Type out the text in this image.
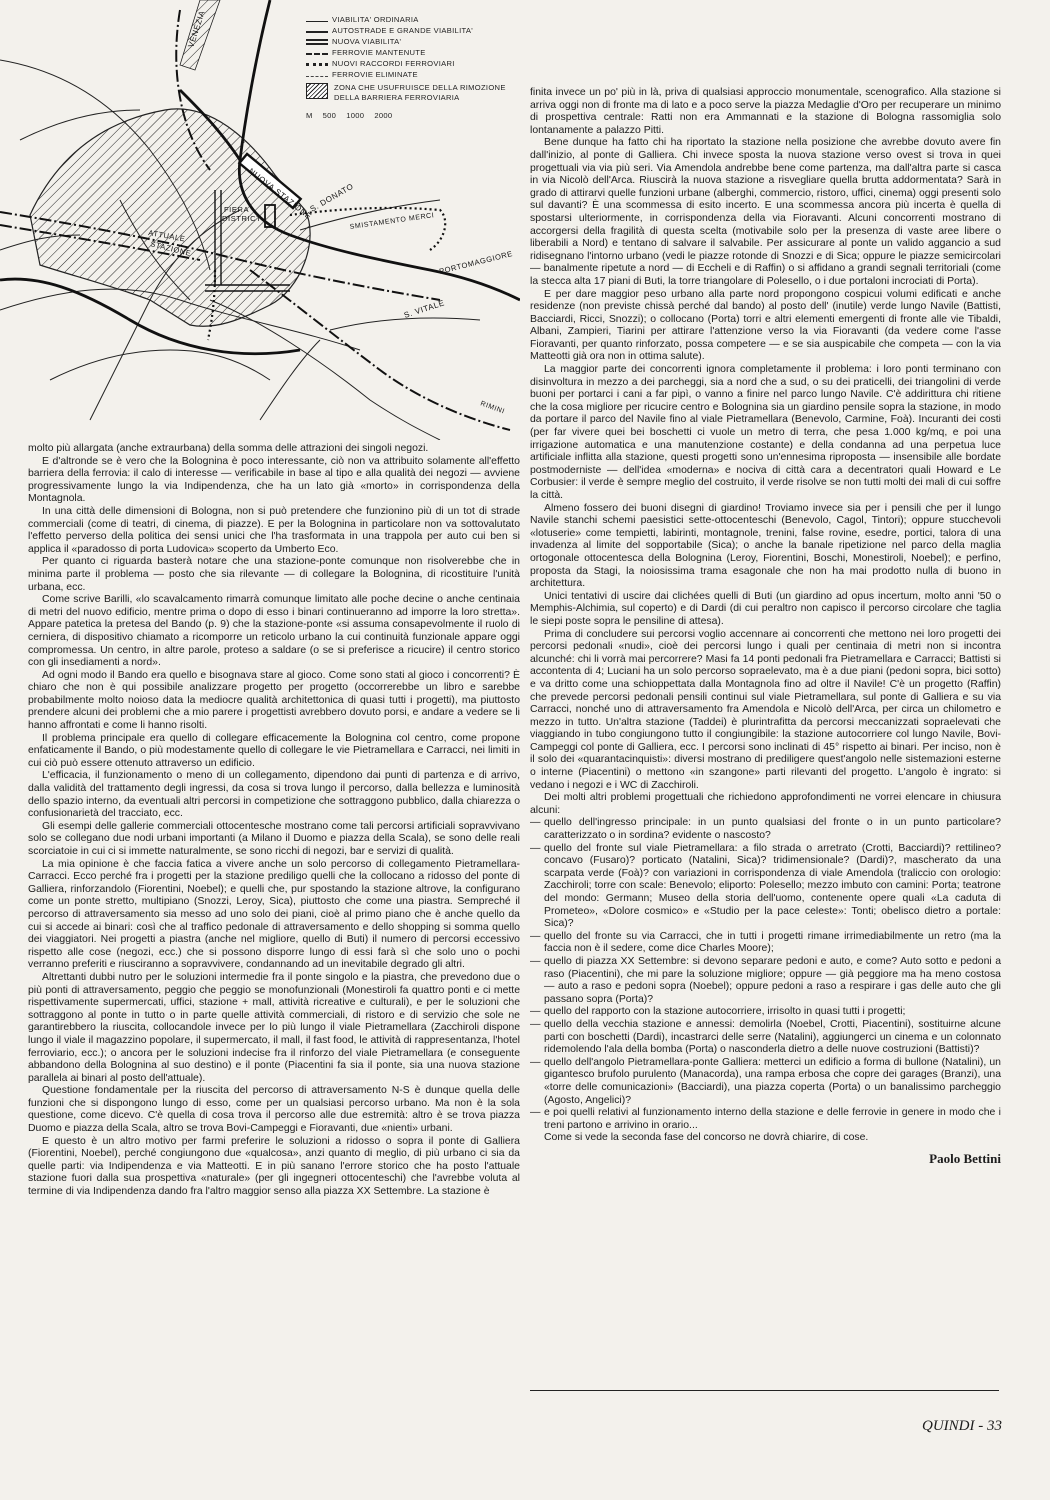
VENEZIA
NUOVA STAZIONE
S. DONATO
FIERA
DISTRICT	SMISTAMENTO MERCI
ATTUALE
STAZIONE
PORTOMAGGIORE
S. VITALE
RIMINI
VIABILITA' ORDINARIA
AUTOSTRADE E GRANDE VIABILITA'
NUOVA VIABILITA'
FERROVIE MANTENUTE
NUOVI RACCORDI FERROVIARI
FERROVIE ELIMINATE
ZONA CHE USUFRUISCE DELLA RIMOZIONE DELLA BARRIERA FERROVIARIA
M 500 1000 2000

molto più allargata (anche extraurbana) della somma delle attrazioni dei singoli negozi.

E d'altronde se è vero che la Bolognina è poco interessante, ciò non va attribuito solamente all'effetto barriera della ferrovia: il calo di interesse — verificabile in base al tipo e alla qualità dei negozi — avviene progressivamente lungo la via Indipendenza, che ha un lato già «morto» in corrispondenza della Montagnola.

In una città delle dimensioni di Bologna, non si può pretendere che funzionino più di un tot di strade commerciali (come di teatri, di cinema, di piazze). E per la Bolognina in particolare non va sottovalutato l'effetto perverso della politica dei sensi unici che l'ha trasformata in una trappola per auto cui ben si applica il «paradosso di porta Ludovica» scoperto da Umberto Eco.

Per quanto ci riguarda basterà notare che una stazione-ponte comunque non risolverebbe che in minima parte il problema — posto che sia rilevante — di collegare la Bolognina, di ricostituire l'unità urbana, ecc.

Come scrive Barilli, «lo scavalcamento rimarrà comunque limitato alle poche decine o anche centinaia di metri del nuovo edificio, mentre prima o dopo di esso i binari continueranno ad imporre la loro stretta». Appare patetica la pretesa del Bando (p. 9) che la stazione-ponte «si assuma consapevolmente il ruolo di cerniera, di dispositivo chiamato a ricomporre un reticolo urbano la cui continuità funzionale appare oggi compromessa. Un centro, in altre parole, proteso a saldare (o se si preferisce a ricucire) il centro storico con gli insediamenti a nord».

Ad ogni modo il Bando era quello e bisognava stare al gioco. Come sono stati al gioco i concorrenti? È chiaro che non è qui possibile analizzare progetto per progetto (occorrerebbe un libro e sarebbe probabilmente molto noioso data la mediocre qualità architettonica di quasi tutti i progetti), ma piuttosto prendere alcuni dei problemi che a mio parere i progettisti avrebbero dovuto porsi, e andare a vedere se li hanno affrontati e come li hanno risolti.

Il problema principale era quello di collegare efficacemente la Bolognina col centro, come propone enfaticamente il Bando, o più modestamente quello di collegare le vie Pietramellara e Carracci, nei limiti in cui ciò può essere ottenuto attraverso un edificio.

L'efficacia, il funzionamento o meno di un collegamento, dipendono dai punti di partenza e di arrivo, dalla validità del trattamento degli ingressi, da cosa si trova lungo il percorso, dalla bellezza e luminosità dello spazio interno, da eventuali altri percorsi in competizione che sottraggono pubblico, dalla chiarezza o confusionarietà del tracciato, ecc.

Gli esempi delle gallerie commerciali ottocentesche mostrano come tali percorsi artificiali sopravvivano solo se collegano due nodi urbani importanti (a Milano il Duomo e piazza della Scala), se sono delle reali scorciatoie in cui ci si immette naturalmente, se sono ricchi di negozi, bar e servizi di qualità.

La mia opinione è che faccia fatica a vivere anche un solo percorso di collegamento Pietramellara-Carracci. Ecco perché fra i progetti per la stazione prediligo quelli che la collocano a ridosso del ponte di Galliera, rinforzandolo (Fiorentini, Noebel); e quelli che, pur spostando la stazione altrove, la configurano come un ponte stretto, multipiano (Snozzi, Leroy, Sica), piuttosto che come una piastra. Sempreché il percorso di attraversamento sia messo ad uno solo dei piani, cioè al primo piano che è anche quello da cui si accede ai binari: così che al traffico pedonale di attraversamento e dello shopping si somma quello dei viaggiatori. Nei progetti a piastra (anche nel migliore, quello di Buti) il numero di percorsi eccessivo rispetto alle cose (negozi, ecc.) che si possono disporre lungo di essi farà sì che solo uno o pochi verranno preferiti e riusciranno a sopravvivere, condannando ad un inevitabile degrado gli altri.

Altrettanti dubbi nutro per le soluzioni intermedie fra il ponte singolo e la piastra, che prevedono due o più ponti di attraversamento, peggio che peggio se monofunzionali (Monestiroli fa quattro ponti e ci mette rispettivamente supermercati, uffici, stazione + mall, attività ricreative e culturali), e per le soluzioni che sottraggono al ponte in tutto o in parte quelle attività commerciali, di ristoro e di servizio che sole ne garantirebbero la riuscita, collocandole invece per lo più lungo il viale Pietramellara (Zacchiroli dispone lungo il viale il magazzino popolare, il supermercato, il mall, il fast food, le attività di rappresentanza, l'hotel ferroviario, ecc.); o ancora per le soluzioni indecise fra il rinforzo del viale Pietramellara (e conseguente abbandono della Bolognina al suo destino) e il ponte (Piacentini fa sia il ponte, sia una nuova stazione parallela ai binari al posto dell'attuale).

Questione fondamentale per la riuscita del percorso di attraversamento N-S è dunque quella delle funzioni che si dispongono lungo di esso, come per un qualsiasi percorso urbano. Ma non è la sola questione, come dicevo. C'è quella di cosa trova il percorso alle due estremità: altro è se trova piazza Duomo e piazza della Scala, altro se trova Bovi-Campeggi e Fioravanti, due «nienti» urbani.

E questo è un altro motivo per farmi preferire le soluzioni a ridosso o sopra il ponte di Galliera (Fiorentini, Noebel), perché congiungono due «qualcosa», anzi quanto di meglio, di più urbano ci sia da quelle parti: via Indipendenza e via Matteotti. E in più sanano l'errore storico che ha posto l'attuale stazione fuori dalla sua prospettiva «naturale» (per gli ingegneri ottocenteschi) che l'avrebbe voluta al termine di via Indipendenza dando fra l'altro maggior senso alla piazza XX Settembre. La stazione è

finita invece un po' più in là, priva di qualsiasi approccio monumentale, scenografico. Alla stazione si arriva oggi non di fronte ma di lato e a poco serve la piazza Medaglie d'Oro per recuperare un minimo di prospettiva centrale: Ratti non era Ammannati e la stazione di Bologna rassomiglia solo lontanamente a palazzo Pitti.

Bene dunque ha fatto chi ha riportato la stazione nella posizione che avrebbe dovuto avere fin dall'inizio, al ponte di Galliera. Chi invece sposta la nuova stazione verso ovest si trova in quei progettuali via via più seri. Via Amendola andrebbe bene come partenza, ma dall'altra parte si casca in via Nicolò dell'Arca. Riuscirà la nuova stazione a risvegliare quella brutta addormentata? Sarà in grado di attirarvi quelle funzioni urbane (alberghi, commercio, ristoro, uffici, cinema) oggi presenti solo sul davanti? È una scommessa di esito incerto. E una scommessa ancora più incerta è quella di spostarsi ulteriormente, in corrispondenza della via Fioravanti. Alcuni concorrenti mostrano di accorgersi della fragilità di questa scelta (motivabile solo per la presenza di vaste aree libere o liberabili a Nord) e tentano di salvare il salvabile. Per assicurare al ponte un valido aggancio a sud ridisegnano l'intorno urbano (vedi le piazze rotonde di Snozzi e di Sica; oppure le piazze semicircolari — banalmente ripetute a nord — di Eccheli e di Raffin) o si affidano a grandi segnali territoriali (come la stecca alta 17 piani di Buti, la torre triangolare di Polesello, o i due portaloni incrociati di Porta).

E per dare maggior peso urbano alla parte nord propongono cospicui volumi edificati e anche residenze (non previste chissà perché dal bando) al posto dell' (inutile) verde lungo Navile (Battisti, Bacciardi, Ricci, Snozzi); o collocano (Porta) torri e altri elementi emergenti di fronte alle vie Tibaldi, Albani, Zampieri, Tiarini per attirare l'attenzione verso la via Fioravanti (da vedere come l'asse Fioravanti, per quanto rinforzato, possa competere — e se sia auspicabile che competa — con la via Matteotti già ora non in ottima salute).

La maggior parte dei concorrenti ignora completamente il problema: i loro ponti terminano con disinvoltura in mezzo a dei parcheggi, sia a nord che a sud, o su dei praticelli, dei triangolini di verde buoni per portarci i cani a far pipì, o vanno a finire nel parco lungo Navile. C'è addirittura chi ritiene che la cosa migliore per ricucire centro e Bolognina sia un giardino pensile sopra la stazione, in modo da portare il parco del Navile fino al viale Pietramellara (Benevolo, Carmine, Foà). Incuranti dei costi (per far vivere quei bei boschetti ci vuole un metro di terra, che pesa 1.000 kg/mq, e poi una irrigazione automatica e una manutenzione costante) e della condanna ad una perpetua luce artificiale inflitta alla stazione, questi progetti sono un'ennesima riproposta — insensibile alle bordate postmoderniste — dell'idea «moderna» e nociva di città cara a decentratori quali Howard e Le Corbusier: il verde è sempre meglio del costruito, il verde risolve se non tutti molti dei mali di cui soffre la città.

Almeno fossero dei buoni disegni di giardino! Troviamo invece sia per i pensili che per il lungo Navile stanchi schemi paesistici sette-ottocenteschi (Benevolo, Cagol, Tintori); oppure stucchevoli «lotuserie» come tempietti, labirinti, montagnole, trenini, false rovine, esedre, portici, talora di una invadenza al limite del sopportabile (Sica); o anche la banale ripetizione nel parco della maglia ortogonale ottocentesca della Bolognina (Leroy, Fiorentini, Boschi, Monestiroli, Noebel); e perfino, proposta da Stagi, la noiosissima trama esagonale che non ha mai prodotto nulla di buono in architettura.

Unici tentativi di uscire dai clichées quelli di Buti (un giardino ad opus incertum, molto anni '50 o Memphis-Alchimia, sul coperto) e di Dardi (di cui peraltro non capisco il percorso circolare che taglia le siepi poste sopra le pensiline di attesa).

Prima di concludere sui percorsi voglio accennare ai concorrenti che mettono nei loro progetti dei percorsi pedonali «nudi», cioè dei percorsi lungo i quali per centinaia di metri non si incontra alcunché: chi li vorrà mai percorrere? Masi fa 14 ponti pedonali fra Pietramellara e Carracci; Battisti si accontenta di 4; Luciani ha un solo percorso sopraelevato, ma è a due piani (pedoni sopra, bici sotto) e va dritto come una schioppettata dalla Montagnola fino ad oltre il Navile! C'è un progetto (Raffin) che prevede percorsi pedonali pensili continui sul viale Pietramellara, sul ponte di Galliera e su via Carracci, nonché uno di attraversamento fra Amendola e Nicolò dell'Arca, per circa un chilometro e mezzo in tutto. Un'altra stazione (Taddei) è plurintrafitta da percorsi meccanizzati sopraelevati che viaggiando in tubo congiungono tutto il congiungibile: la stazione autocorriere col lungo Navile, Bovi-Campeggi col ponte di Galliera, ecc. I percorsi sono inclinati di 45° rispetto ai binari. Per inciso, non è il solo dei «quarantacinquisti»: diversi mostrano di prediligere quest'angolo nelle sistemazioni esterne o interne (Piacentini) o mettono «in szangone» parti rilevanti del progetto. L'angolo è ingrato: si vedano i negozi e i WC di Zacchiroli.

Dei molti altri problemi progettuali che richiedono approfondimenti ne vorrei elencare in chiusura alcuni:

— quello dell'ingresso principale: in un punto qualsiasi del fronte o in un punto particolare? caratterizzato o in sordina? evidente o nascosto?
— quello del fronte sul viale Pietramellara: a filo strada o arretrato (Crotti, Bacciardi)? rettilineo? concavo (Fusaro)? porticato (Natalini, Sica)? tridimensionale? (Dardi)?, mascherato da una scarpata verde (Foà)? con variazioni in corrispondenza di viale Amendola (traliccio con orologio: Zacchiroli; torre con scale: Benevolo; eliporto: Polesello; mezzo imbuto con camini: Porta; teatrone del mondo: Germann; Museo della storia dell'uomo, contenente opere quali «La caduta di Prometeo», «Dolore cosmico» e «Studio per la pace celeste»: Tonti; obelisco dietro a portale: Sica)?
— quello del fronte su via Carracci, che in tutti i progetti rimane irrimediabilmente un retro (ma la faccia non è il sedere, come dice Charles Moore);
— quello di piazza XX Settembre: si devono separare pedoni e auto, e come? Auto sotto e pedoni a raso (Piacentini), che mi pare la soluzione migliore; oppure — già peggiore ma ha meno costosa — auto a raso e pedoni sopra (Noebel); oppure pedoni a raso a respirare i gas delle auto che gli passano sopra (Porta)?
— quello del rapporto con la stazione autocorriere, irrisolto in quasi tutti i progetti;
— quello della vecchia stazione e annessi: demolirla (Noebel, Crotti, Piacentini), sostituirne alcune parti con boschetti (Dardi), incastrarci delle serre (Natalini), aggiungerci un cinema e un colonnato ridemolendo l'ala della bomba (Porta) o nasconderla dietro a delle nuove costruzioni (Battisti)?
— quello dell'angolo Pietramellara-ponte Galliera: metterci un edificio a forma di bullone (Natalini), un gigantesco brufolo purulento (Manacorda), una rampa erbosa che copre dei garages (Branzi), una «torre delle comunicazioni» (Bacciardi), una piazza coperta (Porta) o un banalissimo parcheggio (Agosto, Angelici)?
— e poi quelli relativi al funzionamento interno della stazione e delle ferrovie in genere in modo che i treni partono e arrivino in orario...

Come si vede la seconda fase del concorso ne dovrà chiarire, di cose.

Paolo Bettini
QUINDI - 33
